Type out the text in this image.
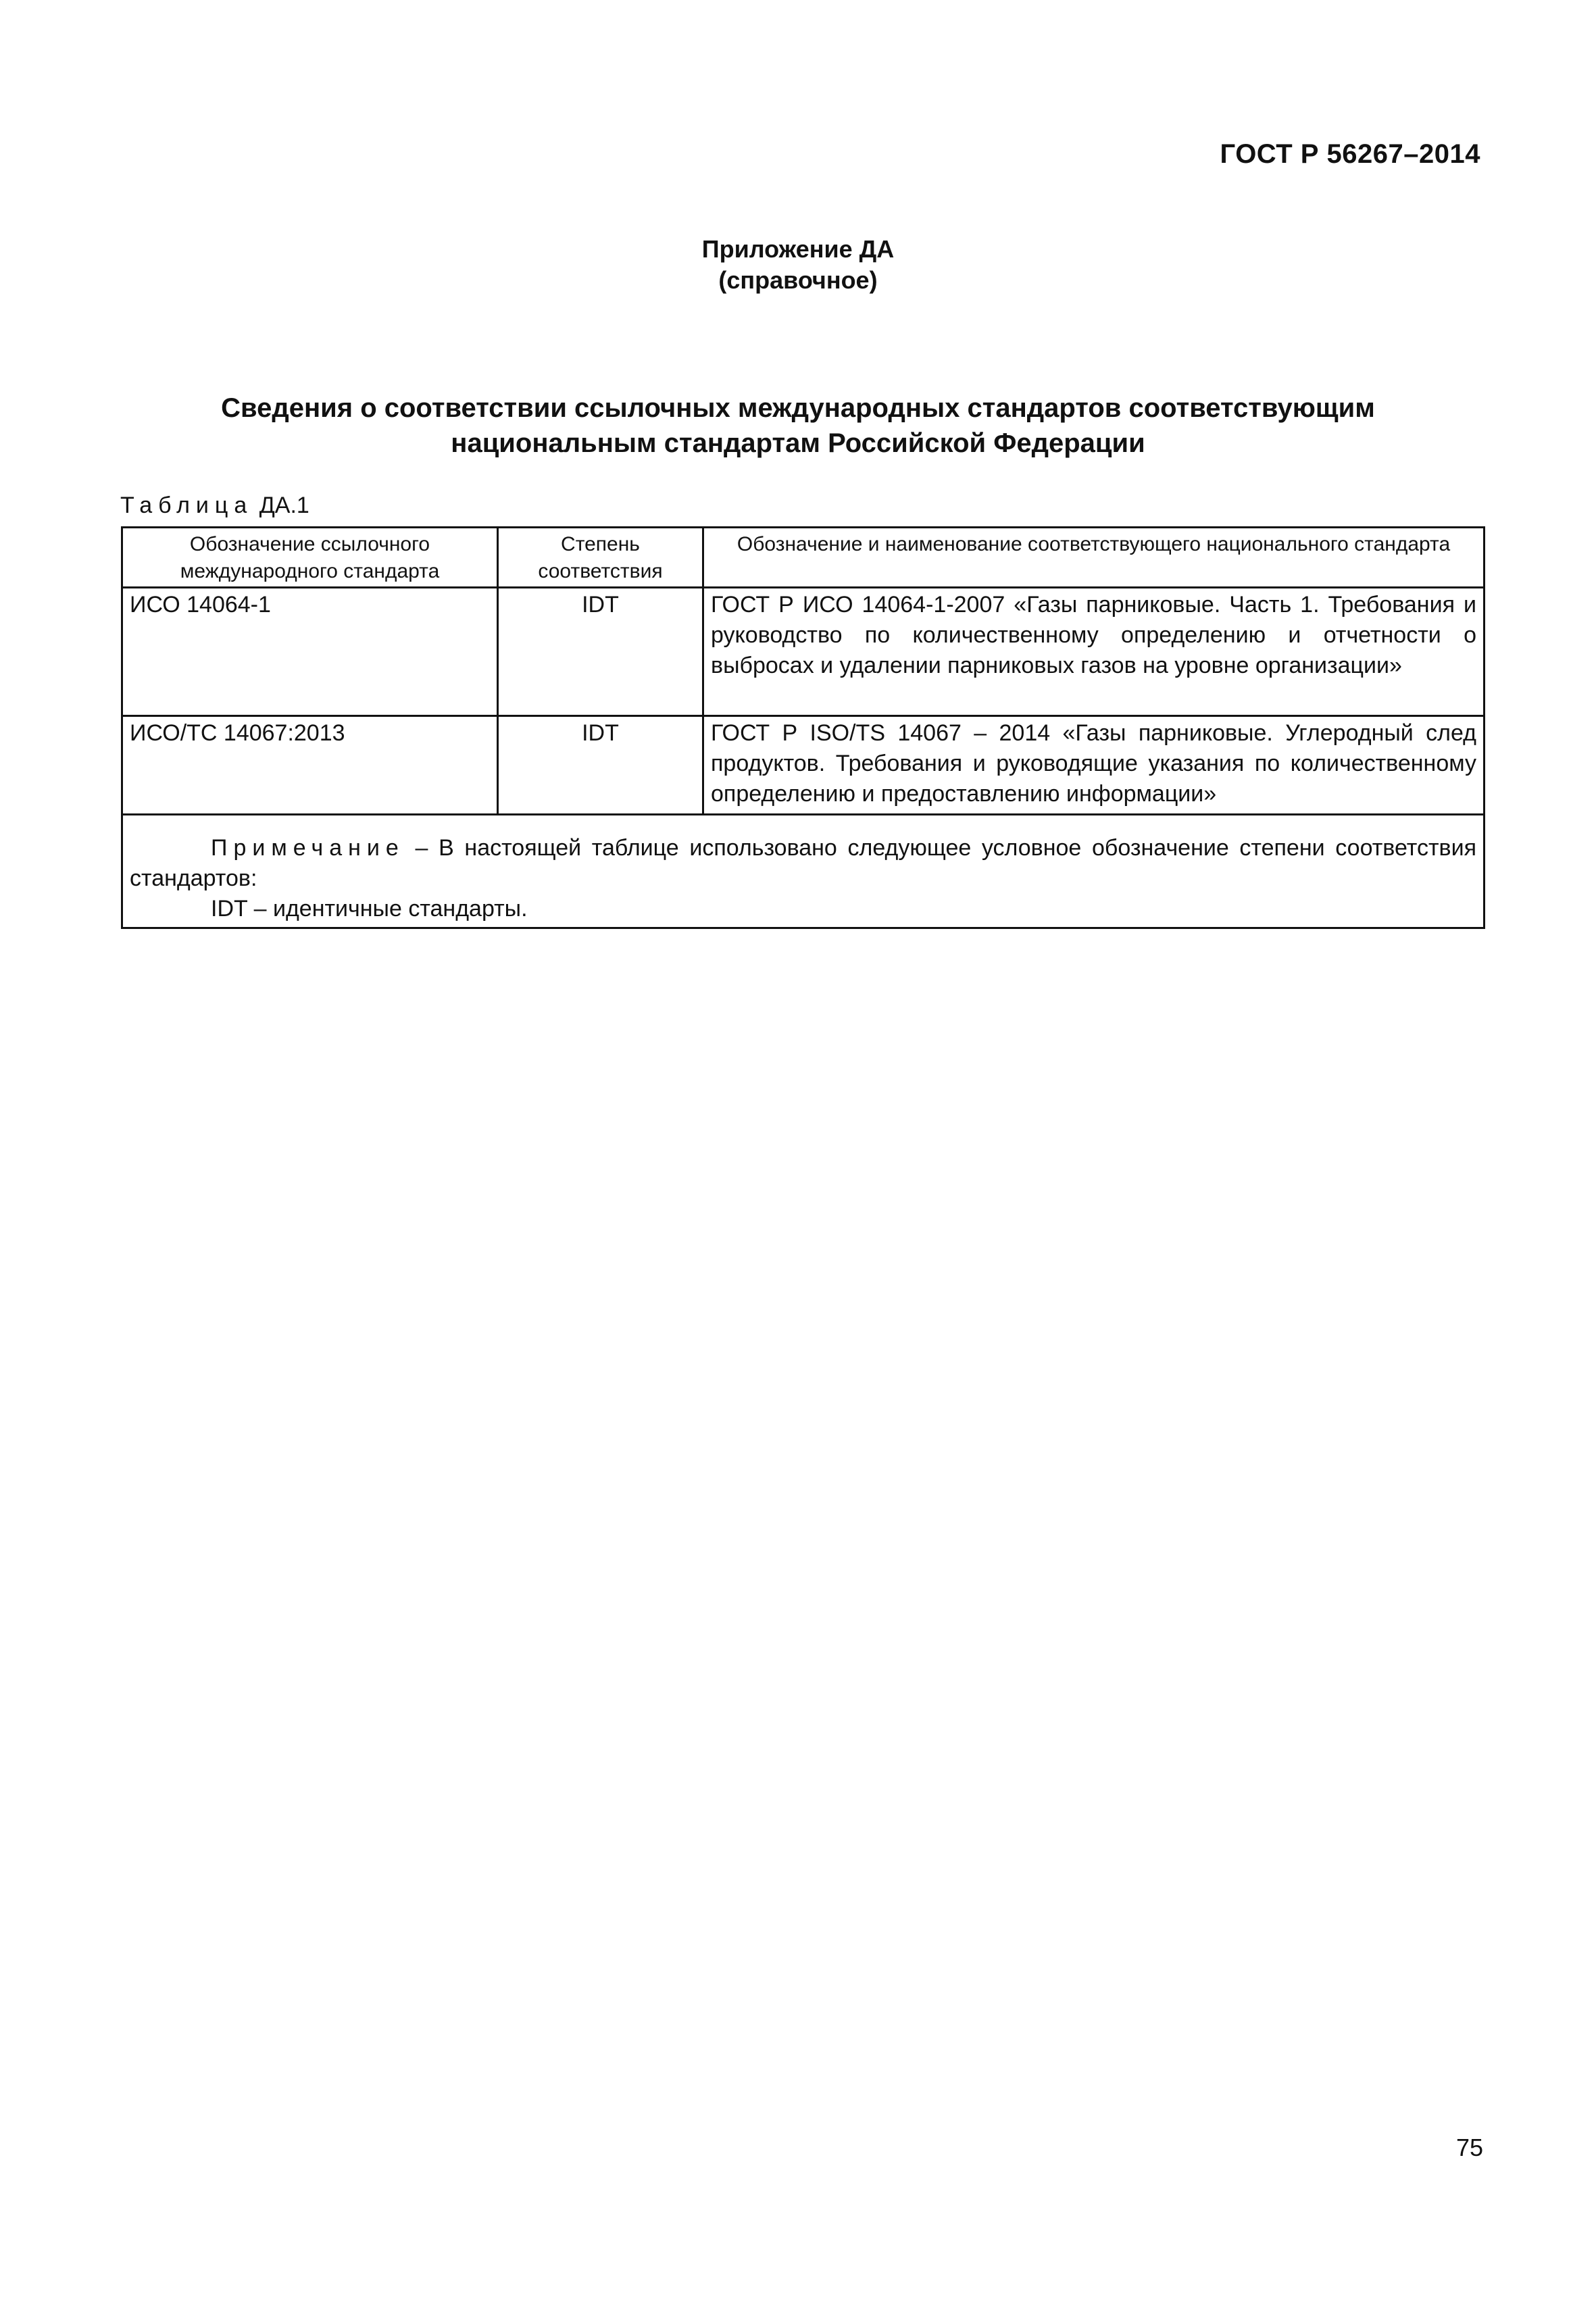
ГОСТ Р 56267–2014
Приложение ДА
(справочное)
Сведения о соответствии ссылочных международных стандартов соответствующим
национальным стандартам Российской Федерации
Таблица ДА.1
Обозначение ссылочного международного стандарта	Степень соответствия	Обозначение и наименование соответствующего национального стандарта
ИСО 14064-1	IDT	ГОСТ Р ИСО 14064-1-2007 «Газы парниковые. Часть 1. Требования и руководство по количественному определению и отчетности о выбросах и удалении парниковых газов на уровне организации»
ИСО/ТС 14067:2013	IDT	ГОСТ Р ISO/TS 14067 – 2014 «Газы парниковые. Углеродный след продуктов. Требования и руководящие указания по количественному определению и предоставлению информации»

Примечание – В настоящей таблице использовано следующее условное обозначение степени соответствия стандартов:
IDT – идентичные стандарты.		
75
